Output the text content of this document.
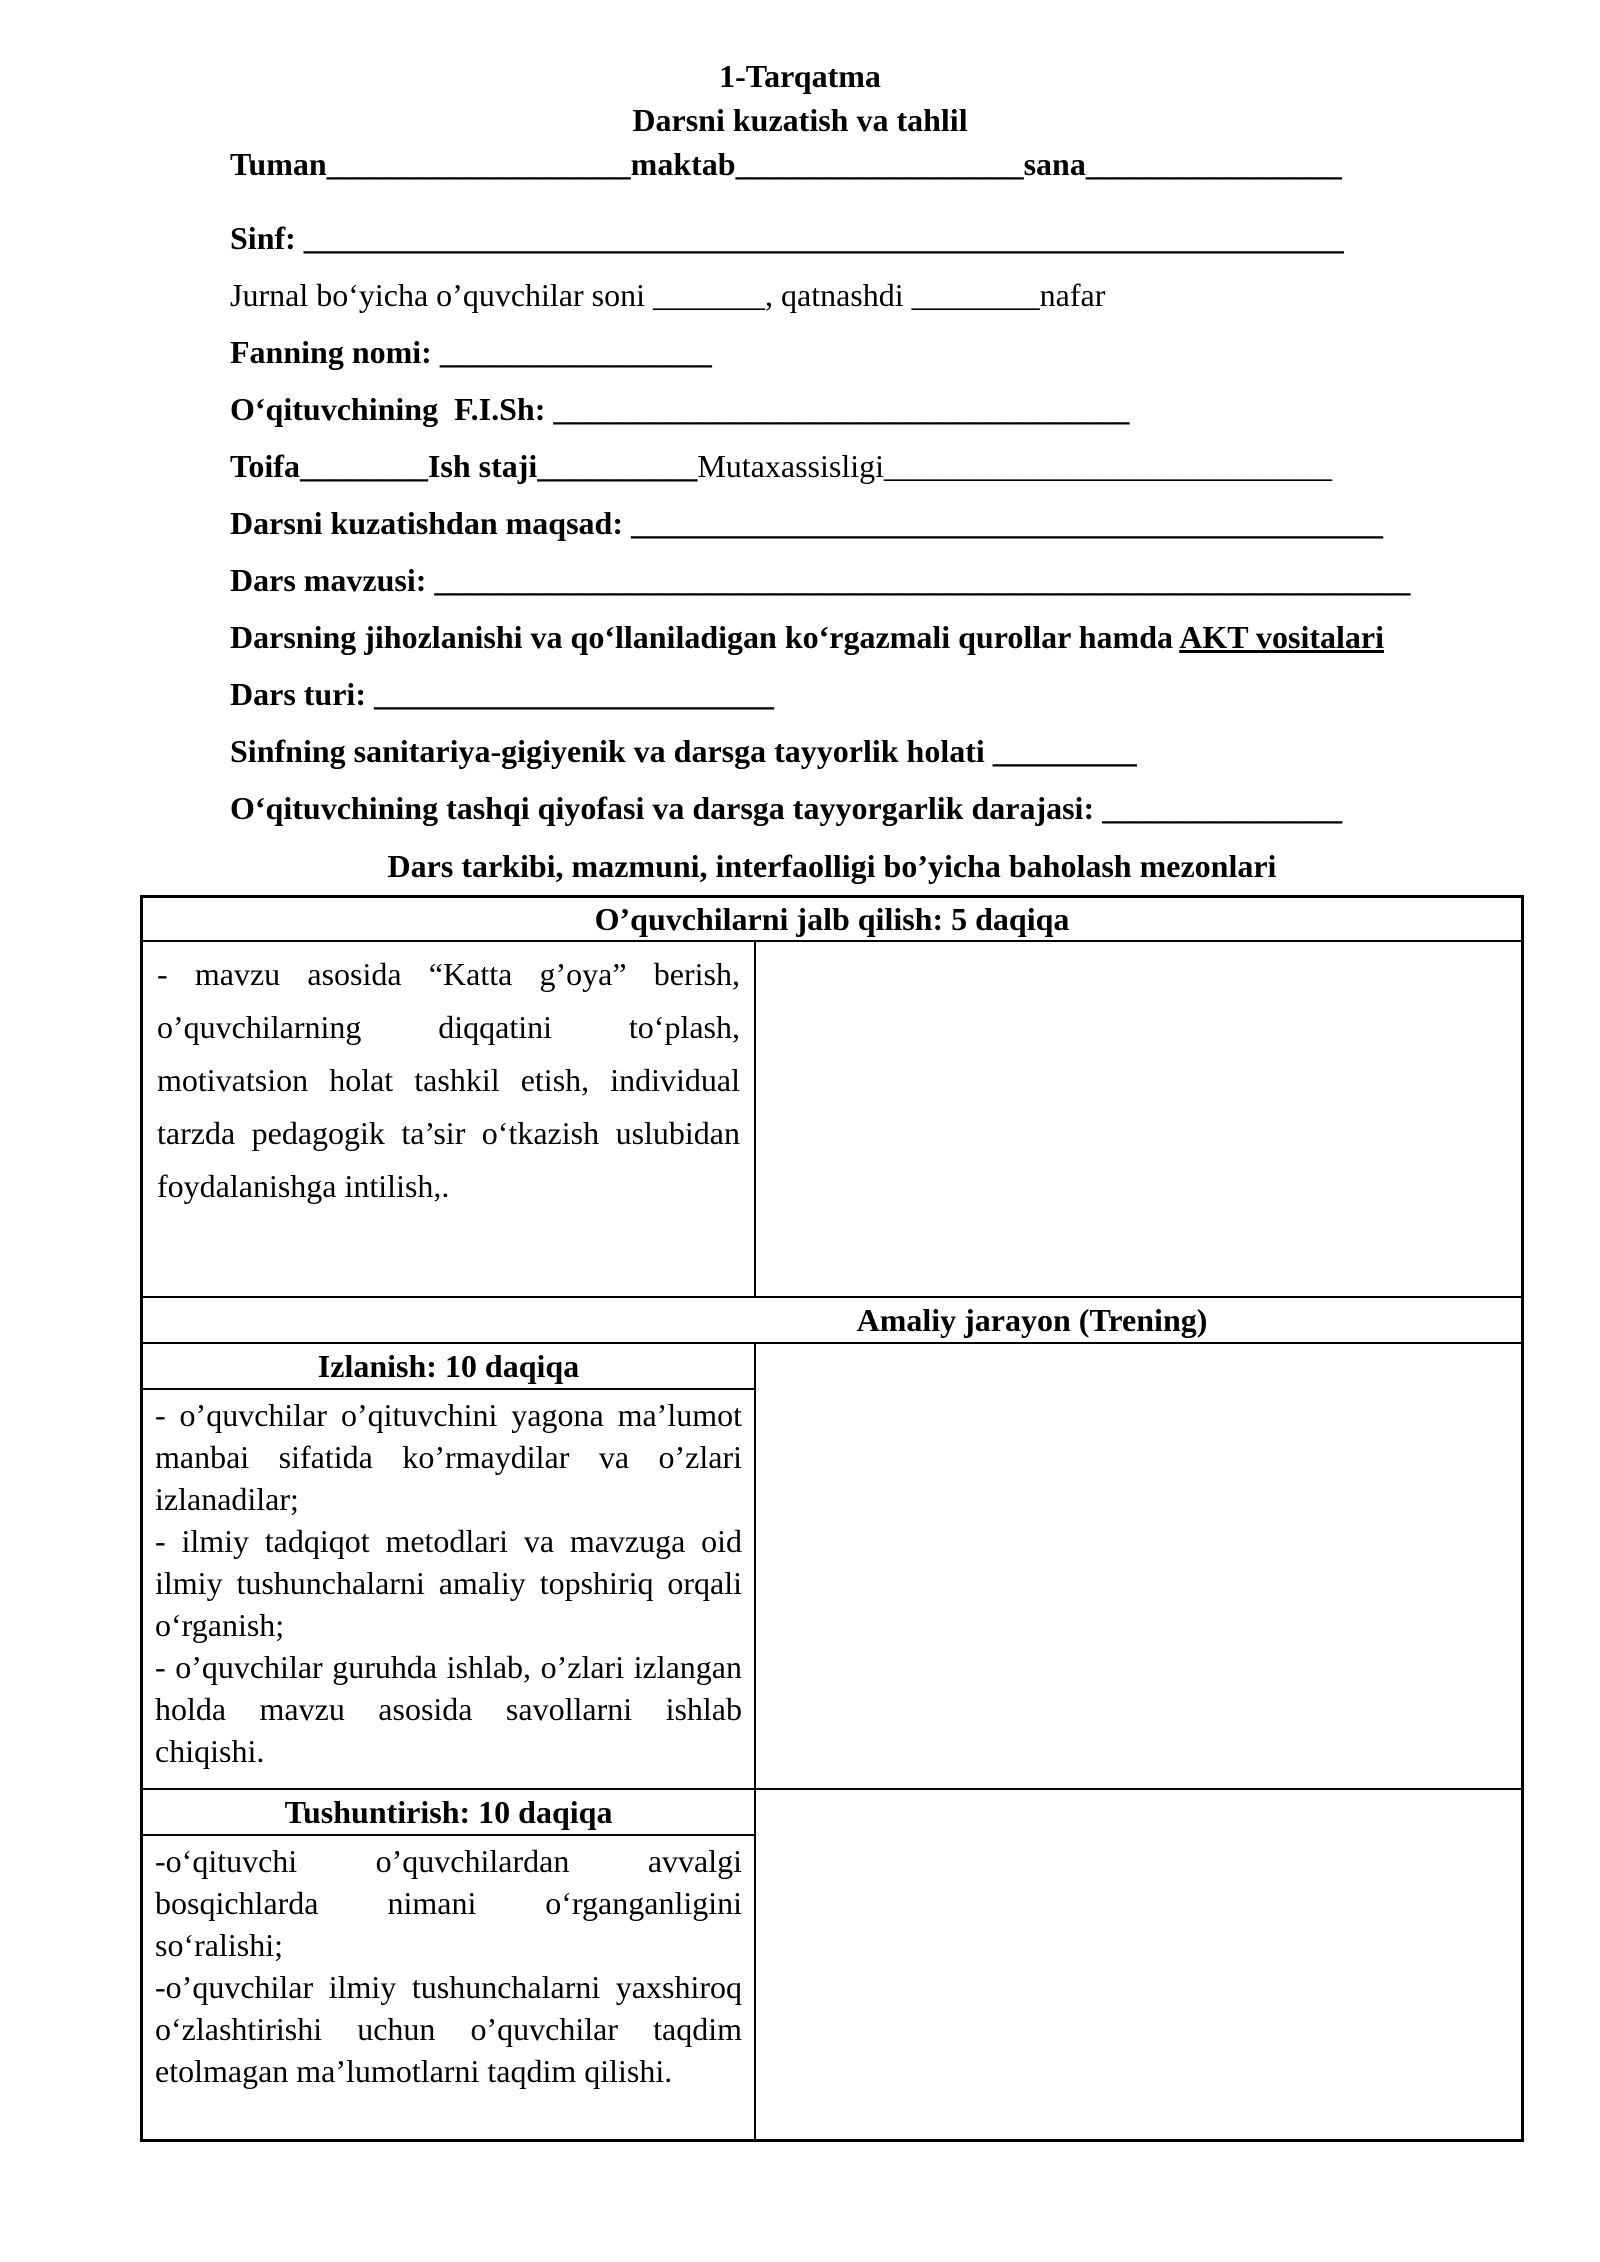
1-Tarqatma
Darsni kuzatish va tahlil
Tuman___________________maktab__________________sana________________
Sinf: _________________________________________________________________
Jurnal bo‘yicha o’quvchilar soni _______, qatnashdi ________nafar
Fanning nomi: _________________
O‘qituvchining  F.I.Sh: ____________________________________
Toifa________Ish staji__________Mutaxassisligi____________________________
Darsni kuzatishdan maqsad: _______________________________________________
Dars mavzusi: _____________________________________________________________
Darsning jihozlanishi va qo‘llaniladigan ko‘rgazmali qurollar hamda AKT vositalari
Dars turi: _________________________
Sinfning sanitariya-gigiyenik va darsga tayyorlik holati _________
O‘qituvchining tashqi qiyofasi va darsga tayyorgarlik darajasi: _______________
Dars tarkibi, mazmuni, interfaolligi bo’yicha baholash mezonlari
O’quvchilarni jalb qilish: 5 daqiqa
- mavzu asosida “Katta g’oya” berish, o’quvchilarning diqqatini to‘plash, motivatsion holat tashkil etish, individual tarzda pedagogik ta’sir o‘tkazish uslubidan foydalanishga intilish,.
Amaliy jarayon (Trening)
Izlanish: 10 daqiqa
- o’quvchilar o’qituvchini yagona ma’lumot manbai sifatida ko’rmaydilar va o’zlari izlanadilar;
- ilmiy tadqiqot metodlari va mavzuga oid ilmiy tushunchalarni amaliy topshiriq orqali o‘rganish;
- o’quvchilar guruhda ishlab, o’zlari izlangan holda mavzu asosida savollarni ishlab chiqishi.
Tushuntirish: 10 daqiqa
-o‘qituvchi o’quvchilardan avvalgi bosqichlarda nimani o‘rganganligini so‘ralishi;
-o’quvchilar ilmiy tushunchalarni yaxshiroq o‘zlashtirishi uchun o’quvchilar taqdim etolmagan ma’lumotlarni taqdim qilishi.
